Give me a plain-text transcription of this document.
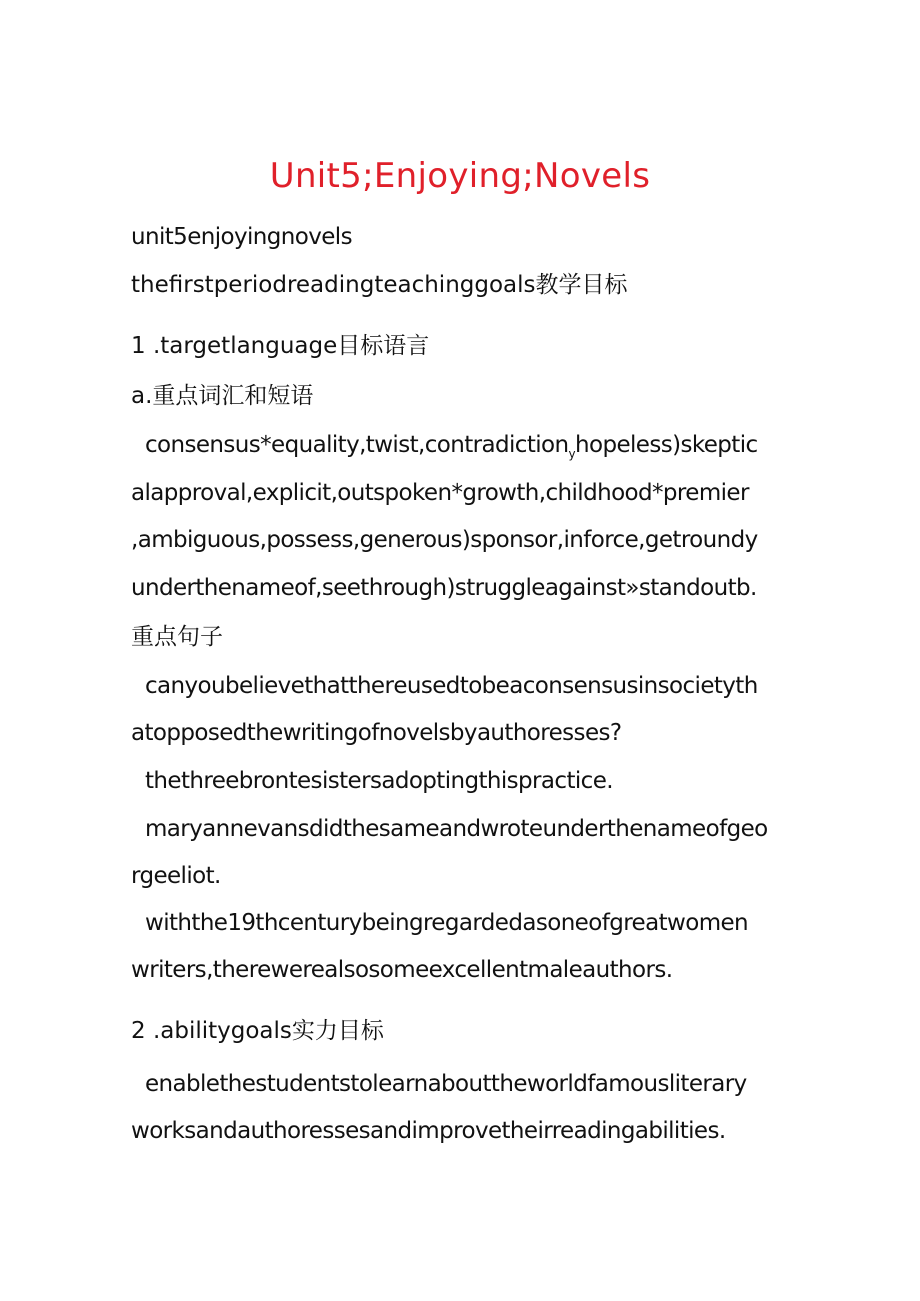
Unit5;Enjoying;Novels
unit5enjoyingnovels
thefirstperiodreadingteachinggoals教学目标
1 .targetlanguage目标语言
a.重点词汇和短语
consensus*equality,twist,contradiction$_y$hopeless)skeptic
alapproval,explicit,outspoken*growth,childhood*premier
,ambiguous,possess,generous)sponsor,inforce,getroundy
underthenameof,seethrough)struggleagainst»standoutb.
重点句子
canyoubelievethattherеusedtobeaconsensusinsocietyth
atopposedthewritingofnovelsbyauthoresses?
thethreebrontesistersadoptingthispractice.
maryannevansdidthesameandwroteunderthenameofgeo
rgeeliot.
withthe19thcenturybeingregardedasoneofgreatwomen
writers,therewerealsosomeexcellentmaleauthors.
2 .abilitygoals实力目标
enablethestudentstolearnabouttheworldfamousliterary
worksandauthoressesandimprovetheirreadingabilities.
